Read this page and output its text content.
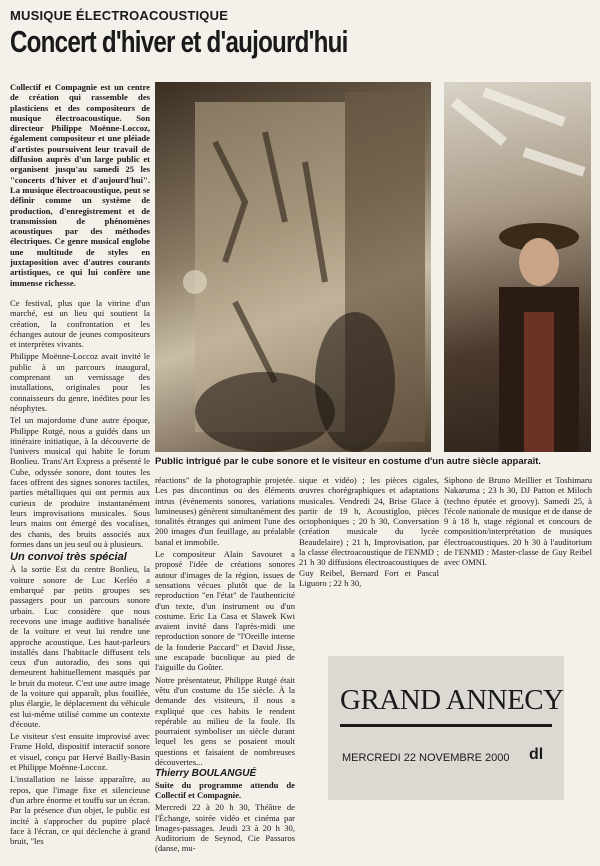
MUSIQUE ÉLECTROACOUSTIQUE
Concert d'hiver et d'aujourd'hui
Public intrigué par le cube sonore et le visiteur en costume d'un autre siècle apparaît.

Collectif et Compagnie est un centre de création qui rassemble des plasticiens et des compositeurs de musique électroacoustique. Son directeur Philippe Moënne-Loccoz, également compositeur et une pléiade d'artistes poursuivent leur travail de diffusion auprès d'un large public et organisent jusqu'au samedi 25 les "concerts d'hiver et d'aujourd'hui". La musique électroacoustique, peut se définir comme un système de production, d'enregistrement et de transmission de phénomènes acoustiques par des méthodes électriques. Ce genre musical englobe une multitude de styles en juxtaposition avec d'autres courants artistiques, ce qui lui confère une immense richesse.

Ce festival, plus que la vitrine d'un marché, est un lieu qui soutient la création, la confrontation et les échanges autour de jeunes compositeurs et interprètes vivants.

Philippe Moënne-Loccoz avait invité le public à un parcours inaugural, comprenant un vernissage des installations, originales pour les connaisseurs du genre, inédites pour les néophytes.

Tel un majordome d'une autre époque, Philippe Rutgé, nous a guidés dans un itinéraire initiatique, à la découverte de l'univers musical qui habite le forum Bonlieu. Trans'Art Express a présenté le Cube, odyssée sonore, dont toutes les faces offrent des signes sonores tactiles, parties métalliques qui ont permis aux curieux de produire instantanément leurs improvisations musicales. Sous leurs mains ont émergé des vocalises, des chants, des bruits associés aux formes dans un jeu seul ou à plusieurs.

Un convoi très spécial

À la sortie Est du centre Bonlieu, la voiture sonore de Luc Kerléo a embarqué par petits groupes ses passagers pour un parcours sonore urbain. Luc considère que nous recevons une image auditive banalisée de la voiture et veut lui rendre une approche acoustique. Les haut-parleurs installés dans l'habitacle diffusent tels ceux d'un autoradio, des sons qui demeurent habituellement masqués par le bruit du moteur. C'est une autre image de la voiture qui apparaît, plus fouillée, plus élargie, le déplacement du véhicule est lui-même utilisé comme un contexte d'écoute.

Le visiteur s'est ensuite improvisé avec Frame Hold, dispositif interactif sonore et visuel, conçu par Hervé Bailly-Basin et Philippe Moënne-Loccoz.

L'installation ne laisse apparaître, au repos, que l'image fixe et silencieuse d'un arbre énorme et touffu sur un écran. Par la présence d'un objet, le public est incité à s'approcher du pupitre placé face à l'écran, ce qui déclenche à grand bruit, "les

réactions" de la photographie projetée. Les pas discontinus ou des éléments intrus (événements sonores, variations lumineuses) génèrent simultanément des tonalités étranges qui animent l'une des 200 images d'un feuillage, au préalable banal et immobile.

Le compositeur Alain Savouret a proposé l'idée de créations sonores autour d'images de la région, issues de sensations vécues plutôt que de la reproduction "en l'état" de l'authenticité d'un texte, d'un instrument ou d'un costume. Eric La Casa et Slawek Kwi avaient invité dans l'après-midi une reproduction sonore de "l'Oreille interne de la fonderie Paccard" et David Jisse, une escapade bucolique au pied de l'aiguille du Goûter.

Notre présentateur, Philippe Rutgé était vêtu d'un costume du 15e siècle. À la demande des visiteurs, il nous a expliqué que ces habits le rendent repérable au milieu de la foule. Ils pourraient symboliser un siècle durant lequel les gens se posaient moult questions et faisaient de nombreuses découvertes...

Thierry BOULANGUÉ

Suite du programme attendu de Collectif et Compagnie.

Mercredi 22 à 20 h 30, Théâtre de l'Échange, soirée vidéo et cinéma par Images-passages. Jeudi 23 à 20 h 30, Auditorium de Seynod, Cie Passaros (danse, mu-

sique et vidéo) ; les pièces cigales, œuvres chorégraphiques et adaptations musicales. Vendredi 24, Brise Glace à partir de 19 h, Acoustigloo, pièces octophoniques ; 20 h 30, Conversation (création musicale du lycée Beaudelaire) ; 21 h, Improvisation, par la classe électroacoustique de l'ENMD ; 21 h 30 diffusions électroacoustiques de Guy Reibel, Bernard Fort et Pascal Liguoro ; 22 h 30,

Siphono de Bruno Meillier et Toshimaru Nakaruma ; 23 h 30, DJ Patton et Miloch (techno éputée et groovy). Samedi 25, à l'école nationale de musique et de danse de 9 à 18 h, stage régional et concours de composition/interprétation de musiques électroacoustiques. 20 h 30 à l'auditorium de l'ENMD : Master-classe de Guy Reibel avec OMNI.

GRAND ANNECY
MERCREDI 22 NOVEMBRE 2000 dl
